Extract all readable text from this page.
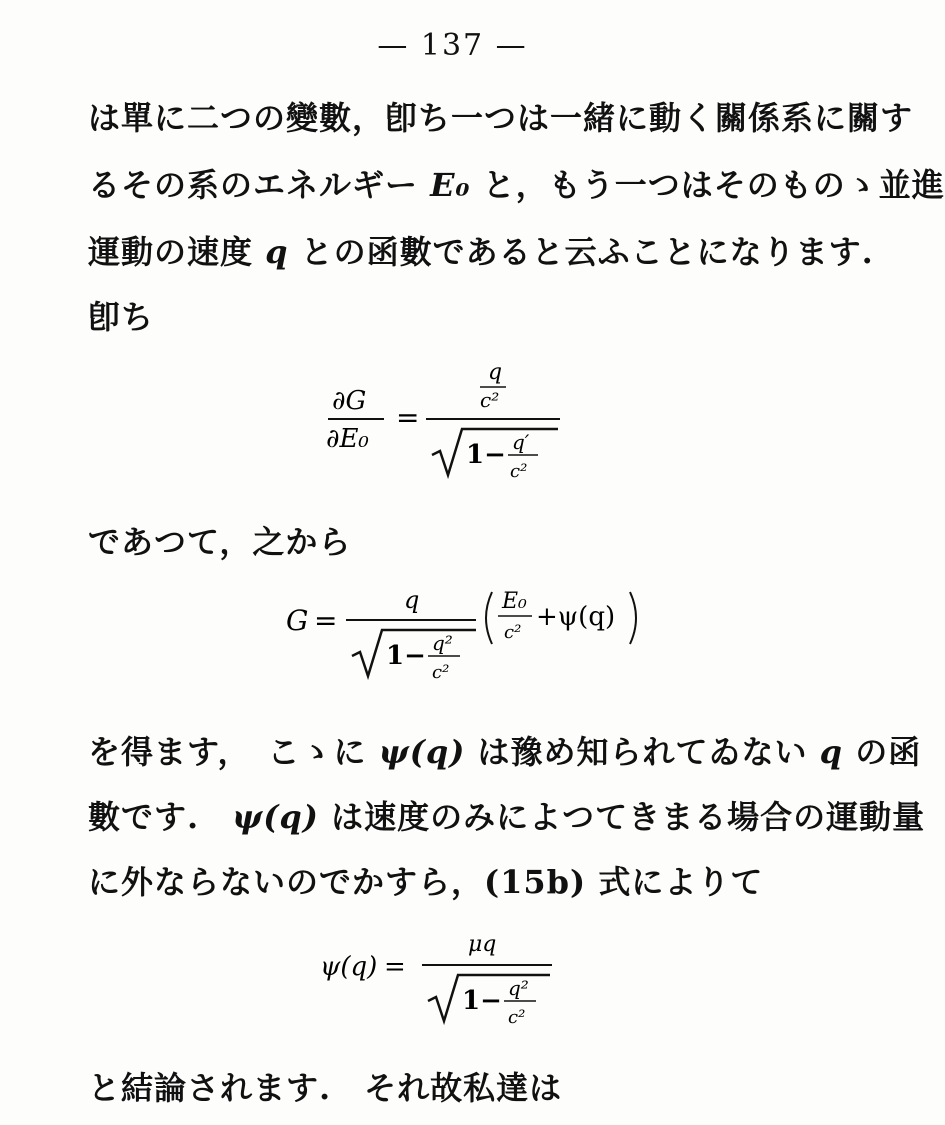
— 137 —
は單に二つの變數，卽ち一つは一緒に動く關係系に關す
るその系のエネルギー E₀ と，もう一つはそのものゝ並進
運動の速度 q との函數であると云ふことになります.
卽ち
∂G
∂E₀
=
q
c²
1− q′
c²
であつて，之から
G =
q
1− q²
c²
E₀
c²
+ψ(q)
を得ます，　こゝに ψ(q) は豫め知られてゐない q の函
數です.　ψ(q) は速度のみによつてきまる場合の運動量
に外ならないのでかすら，(15b) 式によりて
ψ(q) =
μq
1− q²
c²
と結論されます.　それ故私達は
